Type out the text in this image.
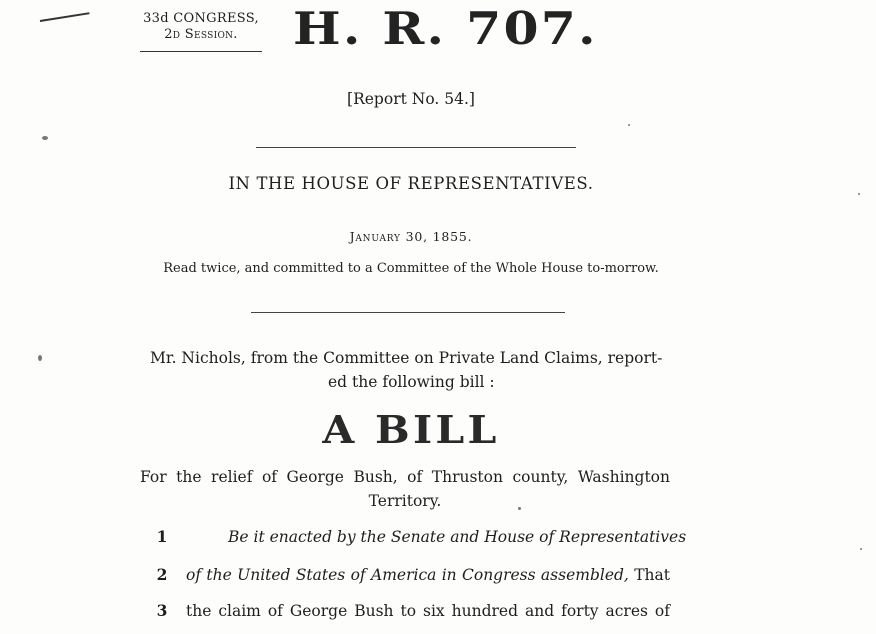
33d CONGRESS,
2d Session.	H. R. 707.
[Report No. 54.]
IN THE HOUSE OF REPRESENTATIVES.
January 30, 1855.
Read twice, and committed to a Committee of the Whole House to-morrow.
Mr. Nichols, from the Committee on Private Land Claims, report-
ed the following bill :
A BILL
For the relief of George Bush, of Thruston county, Washington
Territory.
1	Be it enacted by the Senate and House of Representatives
2	of the United States of America in Congress assembled, That
3	the claim of George Bush to six hundred and forty acres of
